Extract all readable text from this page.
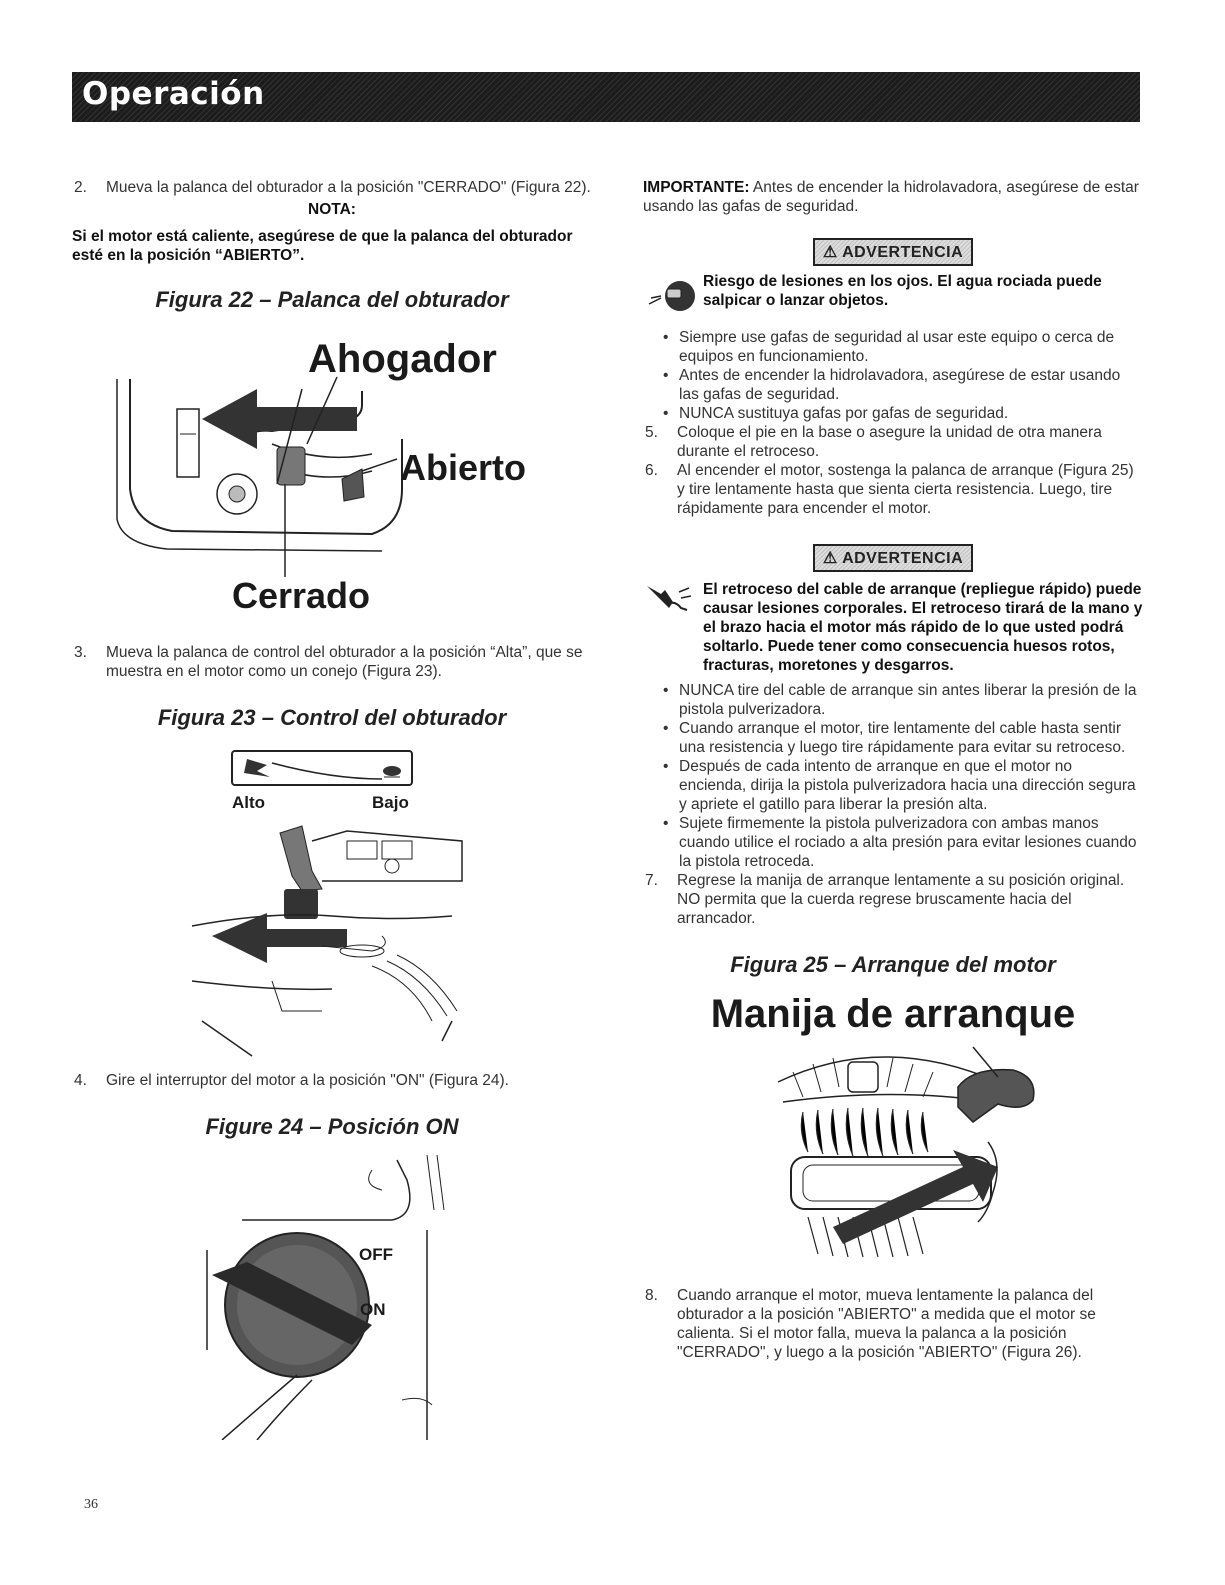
Operación

2. Mueva la palanca del obturador a la posición "CERRADO" (Figura 22).

NOTA:

Si el motor está caliente, asegúrese de que la palanca del obturador esté en la posición “ABIERTO”.

Figura 22 – Palanca del obturador

Ahogador
Abierto
Cerrado

3. Mueva la palanca de control del obturador a la posición “Alta”, que se muestra en el motor como un conejo (Figura 23).

Figura 23 – Control del obturador

Alto	Bajo

4. Gire el interruptor del motor a la posición "ON" (Figura 24).

Figure 24 – Posición ON

OFF
ON

IMPORTANTE: Antes de encender la hidrolavadora, asegúrese de estar usando las gafas de seguridad.

⚠ ADVERTENCIA

Riesgo de lesiones en los ojos. El agua rociada puede salpicar o lanzar objetos.

• Siempre use gafas de seguridad al usar este equipo o cerca de equipos en funcionamiento.
• Antes de encender la hidrolavadora, asegúrese de estar usando las gafas de seguridad.
• NUNCA sustituya gafas por gafas de seguridad.

5. Coloque el pie en la base o asegure la unidad de otra manera durante el retroceso.

6. Al encender el motor, sostenga la palanca de arranque (Figura 25) y tire lentamente hasta que sienta cierta resistencia. Luego, tire rápidamente para encender el motor.

⚠ ADVERTENCIA

El retroceso del cable de arranque (repliegue rápido) puede causar lesiones corporales. El retroceso tirará de la mano y el brazo hacia el motor más rápido de lo que usted podrá soltarlo. Puede tener como consecuencia huesos rotos, fracturas, moretones y desgarros.

• NUNCA tire del cable de arranque sin antes liberar la presión de la pistola pulverizadora.
• Cuando arranque el motor, tire lentamente del cable hasta sentir una resistencia y luego tire rápidamente para evitar su retroceso.
• Después de cada intento de arranque en que el motor no encienda, dirija la pistola pulverizadora hacia una dirección segura y apriete el gatillo para liberar la presión alta.
• Sujete firmemente la pistola pulverizadora con ambas manos cuando utilice el rociado a alta presión para evitar lesiones cuando la pistola retroceda.

7. Regrese la manija de arranque lentamente a su posición original. NO permita que la cuerda regrese bruscamente hacia del arrancador.

Figura 25 – Arranque del motor

Manija de arranque

8. Cuando arranque el motor, mueva lentamente la palanca del obturador a la posición "ABIERTO" a medida que el motor se calienta. Si el motor falla, mueva la palanca a la posición "CERRADO", y luego a la posición "ABIERTO" (Figura 26).

36
